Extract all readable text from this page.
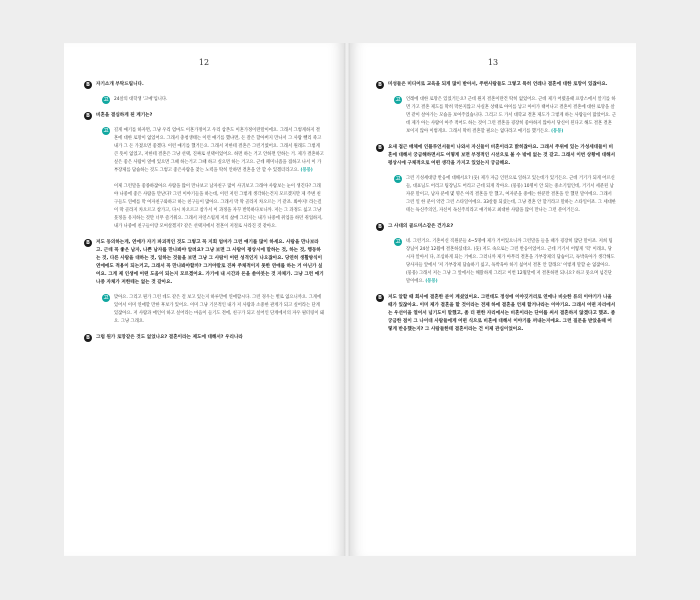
12
B	자기소개 부탁드립니다.
고	24살의 대학생 '고예'입니다.
B	비혼을 결심하게 된 계기는?
고	길게 얘기를 하자면, 그냥 우리 엄마도 이혼가정이고 우리 삼촌도 이혼가정이란말이에요. 그래서 그렇게하지 결혼에 대한 로망이 없었어요. 그래서 충청생태는 이런 얘기를 했냐면, 돈 잘은 할아버지 만나서 그 사람 뺄리 죽고 내가 그 돈 가졌으면 좋겠다. 이런 얘기를 했거든요. 그래서 저한테 결혼은 그런거였어요. 그래서 원래도 그렇게 큰 뜻이 없었고, 저한테 결혼은 그냥 선택, 진짜로 선택이었어요. 하면 하는 거고 안하면 안하는 거. 제가 결혼하고 싶은 좋은 사람이 옆에 있으면 그때 하는거고 그때 하고 싶으면 하는 거고요. 근데 페미니즘을 접하고 나서 이 가부장제를 답습하는 것도 그렇고 좋은사람을 찾는 노력을 딱히 안하면 결혼을 안 할 수 있겠더라고요. (뭉뭉)
이제 그런말을 좋종하잖아요 사람을 많이 만나보고 남자친구 많이 사귀보고 그래야 사람보는 눈이 생긴다? 그래야 나중에 좋은 사람을 만난다? 그런 이야기들을 하는데, 이런 저런 그렇게 생각하는건지 모르겠지만 제 주변 친구들도 연애를 막 여자친구와하고 하는 친구들이 많아요. 그래서 막 딱 골라지 차오르는 거 같죠. 봐야지! 라는걸이 딱 골라지 차오르고 참가고, 다시 차오르고 참가서 이 과정을 자꾸 반복하다보니까. 저는 그 과정도 싫고 그냥 뭇정을 유지하는 것만 너무 즐거워요. 그래서 자연스럽게 저의 삶에 그러지는 내가 나중에 취업을 하던 취업하지, 내가 나중에 친구들이랑 모여살겠지? 같은 선택지에서 결혼이 저절로 사라진 것 같아요.
B	저도 동의하는게, 연애가 자기 파괴적인 것도 그렇고 꼭 지회 엄마가 그런 얘기를 많이 하세요. 사람을 만나보라고. 근데 꼭 좋은 남자, 나쁜 남자를 만나봐야 알려요? 그냥 보면 그 사람이 평상시에 말하는 것, 하는 것, 행동하는 것, 다른 사람을 대하는 것, 일하는 것들을 보면 그냥 그 사람이 어떤 성격인지 나오잖아요. 당연히 생활방식이 연애에도 적용이 되는거고, 그래서 꼭 만나봐야할까? 그거야말로 진짜 주체적이지 못한 연애를 하는 거 아닌가 싶어요. 그게 제 인생에 어떤 도움이 되는지 모르겠어요. 가기에 내 시간과 돈을 쏟아붓는 것 자체가. 그냥 그런 얘기나중 자체가 저한테는 없는 것 같아요.
고	맞아요. 그리고 뭔가 그런 데도 같은 걸 보고 있는지 하루만에 연애합시다. 그런 경우는 별로 없으니까요. 그게에 있어서 이미 연애할 만한 후보가 있어요. 이미 그냥 기본적인 내가 저 사람과 소중한 관계가 되고 싶어라는 단계 있잖아요. 저 사람과 애인이 하고 싶어라는 마음이 들기도 전에, 친구가 되고 싶어인 단계에서의 자우 필터링이 돼요. 그냥 그래요.
B	그럼 뭔가 로망같은 것도 없었나요? 결혼이라는 제도에 대해서? 우리나라
13
B	미성들은 미디어로 교육을 되게 많이 받아서, 주변사람들도 그렇고 특히 언레나 결혼에 대한 로망이 있잖아요.
고	언레에 대한 로망은 있었거든요? 근데 뭔지 결혼이란건 딱히 없었어요. 근데 제가 어렸을때 프랑스에서 알기를 하면 가고 결혼 제도를 딱히 막론지않고 사실혼 상태로 아이를 낳고 아이가 태어나고 결혼이 결혼에 대한 로망을 살면 같이 살아가는 모습을 보여주었습니다. 그리고 도 가서 대학교 결혼 제도가 그렇게 하는 사람들이 많았어요. 근데 제가 아는 사람이 아주 적어도 하는 것이 그런 결혼을 굉장히 좋아하지 않아서 당신이 된다고 해도 결혼 결혼 보이지 않아 이렇게요. 그래서 딱히 결혼할 필요는 없다라고 얘기를 했거든요. (뭉뭉)
B	요새 접근 매체에 인플루언서들이 나와서 자신들이 비혼이라고 밝히잖아요. 그래서 주위에 있는 가성세대들이 비혼에 대해서 궁금해하면서도 어떻게 보면 부정적인 시선으로 볼 수 밖에 없는 것 같고. 그래서 이번 상황에 대해서 평상시에 구체적으로 어떤 생각을 가지고 있었는지 궁금해요.
고	그런 기성세대랑 반응에 대해서요? (웃) 제가 자금 인턴으로 일하고 있는데가 있거든요. 근데 거기가 되게 어르신들, 대표님도 어리고 팀장님도 어리고 근데 되게 작아요. (뭉뭉) 10명이 안 되는 중소기업인데, 거기서 세분된 남자분 말이고, 남자 분에 몇 명은 아직 결혼을 안 했고, 여자분을 중에는 한분만 결혼을 안 했던 말이에요. 그래서 그런 일 한 분이 약간 그런 스타일이에요. 33살쯤 되셨는데, 그냥 결혼 안 할거라고 말하는 스타일이죠. 그 세대한테는 독신주의인, 자신이 독신주의라고 얘기하고 최대한 사람을 많이 만나는 그런 분이거든요.
B	그 사대의 골드미스같은 건가요?
고	네. 그런거요. 기혼이신 직원분들 4~5명에 제가 거어있으니까 그런말을 들을 때가 굉장히 많단 말이죠. 저희 팀장님이 24살 12월에 결혼하셨대요. (웃) 저도 속으로는 그런 반응이었어요. 근데 거기서 어떻게 '헉' 이래요, 당시자 알아서 다, 조심하게 되는 거예요. 그러니까 제가 아무리 결혼을 가부장제의 답습이고, 독박육아가 생각해도 당사자들 앞에서 '저 가부장제 답습하기 싫고, 독박육아 하기 싫어서 결혼 안 할래요' 이렇게 말할 순 없잖아요. (뭉뭉) 그래서 저는 그냥 그 앞에서는 해맑하게 그러고 이번 12월달에 저 결혼하면 되니요? 하고 뭇으며 넘긴단 말이에요. (뭉뭉)
B	저도 알할 때 회사에 결혼한 분이 계셨었어요. 그런데도 정성에 이야깃거리로 연애나 비슷한 류의 이야기가 나올때가 있잖아요. 이미 제가 결혼을 할 것이라는 전제 하에 결혼을 언제 할거냐라는 이야기요. 그래서 어떤 자리에서는 우선이을 열어서 넘기도이 말했고, 좀 더 편한 자리에서는 비혼이라는 단어를 써서 결혼하지 않겠다고 했죠. 좀 궁금한 점이 그 나이대 사람들에게 어떤 식으로 비혼에 대해서 이야기를 꺼내는지에요. 그런 질문을 받았을때 어떻게 반응했는지? 그 사람들한테 결혼이라는 건 이제 관심이었어요.
